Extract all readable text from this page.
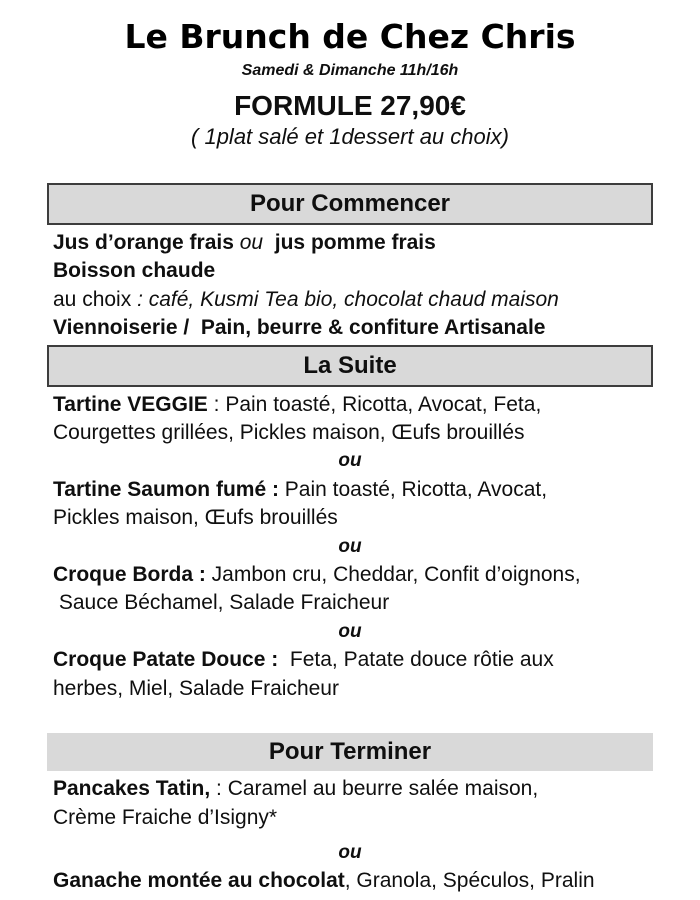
Le Brunch de Chez Chris
Samedi & Dimanche 11h/16h
FORMULE 27,90€
( 1plat salé et 1dessert au choix)
Pour Commencer
Jus d’orange frais ou  jus pomme frais
Boisson chaude
au choix : café, Kusmi Tea bio, chocolat chaud maison
Viennoiserie /  Pain, beurre & confiture Artisanale
La Suite
Tartine VEGGIE : Pain toasté, Ricotta, Avocat, Feta,
Courgettes grillées, Pickles maison, Œufs brouillés
ou
Tartine Saumon fumé : Pain toasté, Ricotta, Avocat,
Pickles maison, Œufs brouillés
ou
Croque Borda : Jambon cru, Cheddar, Confit d’oignons,
Sauce Béchamel, Salade Fraicheur
ou
Croque Patate Douce :  Feta, Patate douce rôtie aux
herbes, Miel, Salade Fraicheur
Pour Terminer
Pancakes Tatin, : Caramel au beurre salée maison,
Crème Fraiche d’Isigny*
ou
Ganache montée au chocolat, Granola, Spéculos, Pralin
